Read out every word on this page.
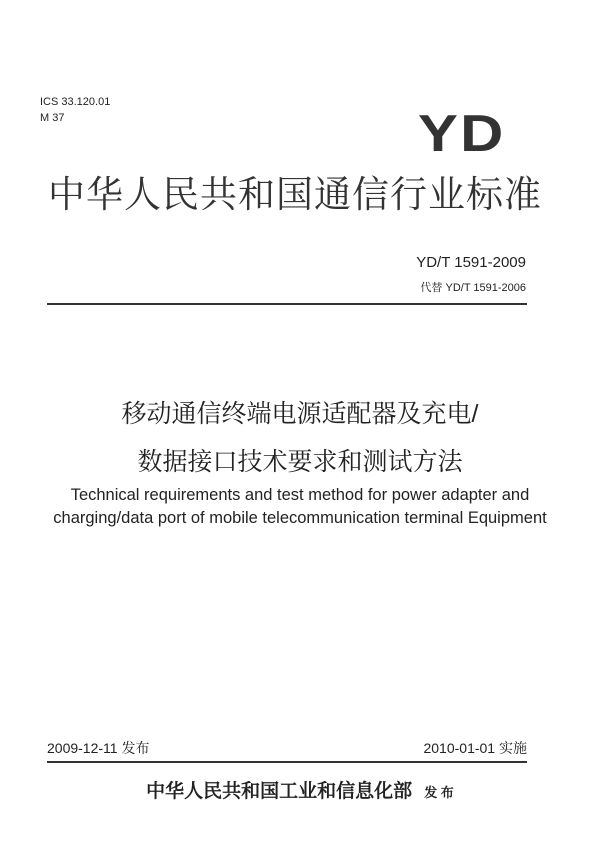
ICS 33.120.01
M 37	YD
中华人民共和国通信行业标准
YD/T 1591-2009
代替 YD/T 1591-2006
移动通信终端电源适配器及充电/
数据接口技术要求和测试方法
Technical requirements and test method for power adapter and
charging/data port of mobile telecommunication terminal Equipment
2009-12-11 发布	2010-01-01 实施
中华人民共和国工业和信息化部 发 布
